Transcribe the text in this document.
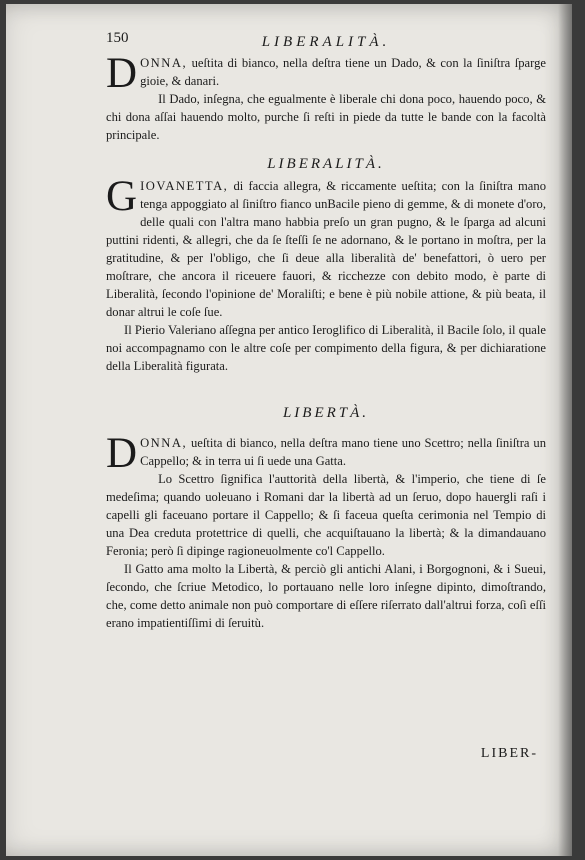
150	LIBERALITÀ.

DONNA, ueſtita di bianco, nella deſtra tiene un Dado, & con la ſiniſtra ſparge gioie, & danari.

Il Dado, inſegna, che egualmente è liberale chi dona poco, hauendo poco, & chi dona aſſai hauendo molto, purche ſi reſti in piede da tutte le bande con la facoltà principale.

LIBERALITÀ.

GIOVANETTA, di faccia allegra, & riccamente ueſtita; con la ſiniſtra mano tenga appoggiato al ſiniſtro fianco unBacile pieno di gemme, & di monete d'oro, delle quali con l'altra mano habbia preſo un gran pugno, & le ſparga ad alcuni puttini ridenti, & allegri, che da ſe ſteſſi ſe ne adornano, & le portano in moſtra, per la gratitudine, & per l'obligo, che ſi deue alla liberalità de' benefattori, ò uero per moſtrare, che ancora il riceuere fauori, & ricchezze con debito modo, è parte di Liberalità, ſecondo l'opinione de' Moraliſti; e bene è più nobile attione, & più beata, il donar altrui le coſe ſue.

Il Pierio Valeriano aſſegna per antico Ieroglifico di Liberalità, il Bacile ſolo, il quale noi accompagnamo con le altre coſe per compimento della figura, & per dichiaratione della Liberalità figurata.

LIBERTÀ.

DONNA, ueſtita di bianco, nella deſtra mano tiene uno Scettro; nella ſiniſtra un Cappello; & in terra ui ſi uede una Gatta.

Lo Scettro ſignifica l'auttorità della libertà, & l'imperio, che tiene di ſe medeſima; quando uoleuano i Romani dar la libertà ad un ſeruo, dopo hauergli raſi i capelli gli faceuano portare il Cappello; & ſi faceua queſta cerimonia nel Tempio di una Dea creduta protettrice di quelli, che acquiſtauano la libertà; & la dimandauano Feronia; però ſi dipinge ragioneuolmente co'l Cappello.

Il Gatto ama molto la Libertà, & perciò gli antichi Alani, i Borgognoni, & i Sueui, ſecondo, che ſcriue Metodico, lo portauano nelle loro inſegne dipinto, dimoſtrando, che, come detto animale non può comportare di eſſere riſerrato dall'altrui forza, coſi eſſi erano impatientiſſimi di ſeruitù.

LIBER-
